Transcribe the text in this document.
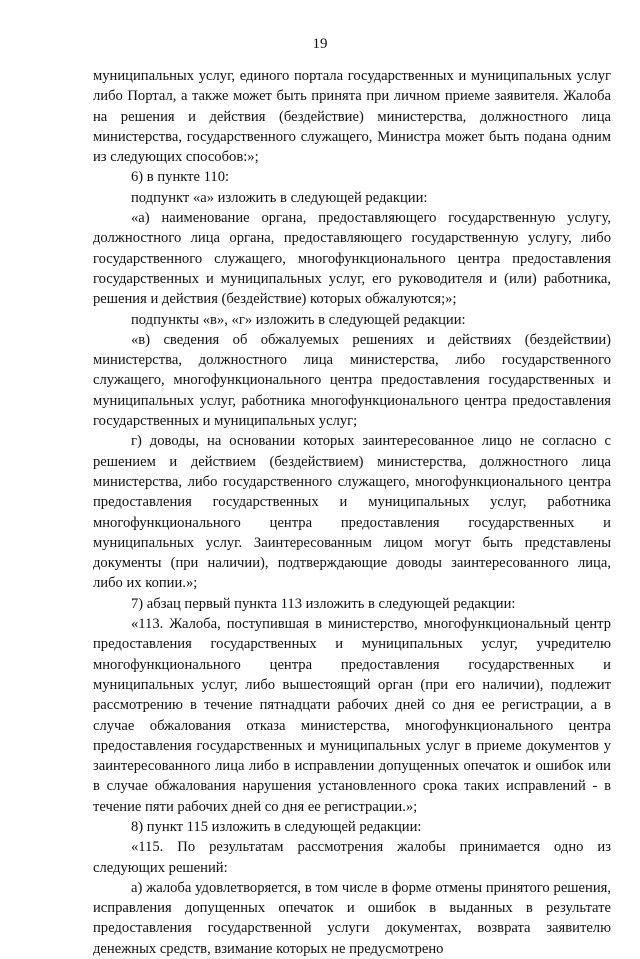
19

муниципальных услуг, единого портала государственных и муниципальных услуг либо Портал, а также может быть принята при личном приеме заявителя. Жалоба на решения и действия (бездействие) министерства, должностного лица министерства, государственного служащего, Министра может быть подана одним из следующих способов:»;

6) в пункте 110:

подпункт «а» изложить в следующей редакции:

«а) наименование органа, предоставляющего государственную услугу, должностного лица органа, предоставляющего государственную услугу, либо государственного служащего, многофункционального центра предоставления государственных и муниципальных услуг, его руководителя и (или) работника, решения и действия (бездействие) которых обжалуются;»;

подпункты «в», «г» изложить в следующей редакции:

«в) сведения об обжалуемых решениях и действиях (бездействии) министерства, должностного лица министерства, либо государственного служащего, многофункционального центра предоставления государственных и муниципальных услуг, работника многофункционального центра предоставления государственных и муниципальных услуг;

г) доводы, на основании которых заинтересованное лицо не согласно с решением и действием (бездействием) министерства, должностного лица министерства, либо государственного служащего, многофункционального центра предоставления государственных и муниципальных услуг, работника многофункционального центра предоставления государственных и муниципальных услуг. Заинтересованным лицом могут быть представлены документы (при наличии), подтверждающие доводы заинтересованного лица, либо их копии.»;

7) абзац первый пункта 113 изложить в следующей редакции:

«113. Жалоба, поступившая в министерство, многофункциональный центр предоставления государственных и муниципальных услуг, учредителю многофункционального центра предоставления государственных и муниципальных услуг, либо вышестоящий орган (при его наличии), подлежит рассмотрению в течение пятнадцати рабочих дней со дня ее регистрации, а в случае обжалования отказа министерства, многофункционального центра предоставления государственных и муниципальных услуг в приеме документов у заинтересованного лица либо в исправлении допущенных опечаток и ошибок или в случае обжалования нарушения установленного срока таких исправлений - в течение пяти рабочих дней со дня ее регистрации.»;

8) пункт 115 изложить в следующей редакции:

«115. По результатам рассмотрения жалобы принимается одно из следующих решений:

а) жалоба удовлетворяется, в том числе в форме отмены принятого решения, исправления допущенных опечаток и ошибок в выданных в результате предоставления государственной услуги документах, возврата заявителю денежных средств, взимание которых не предусмотрено
